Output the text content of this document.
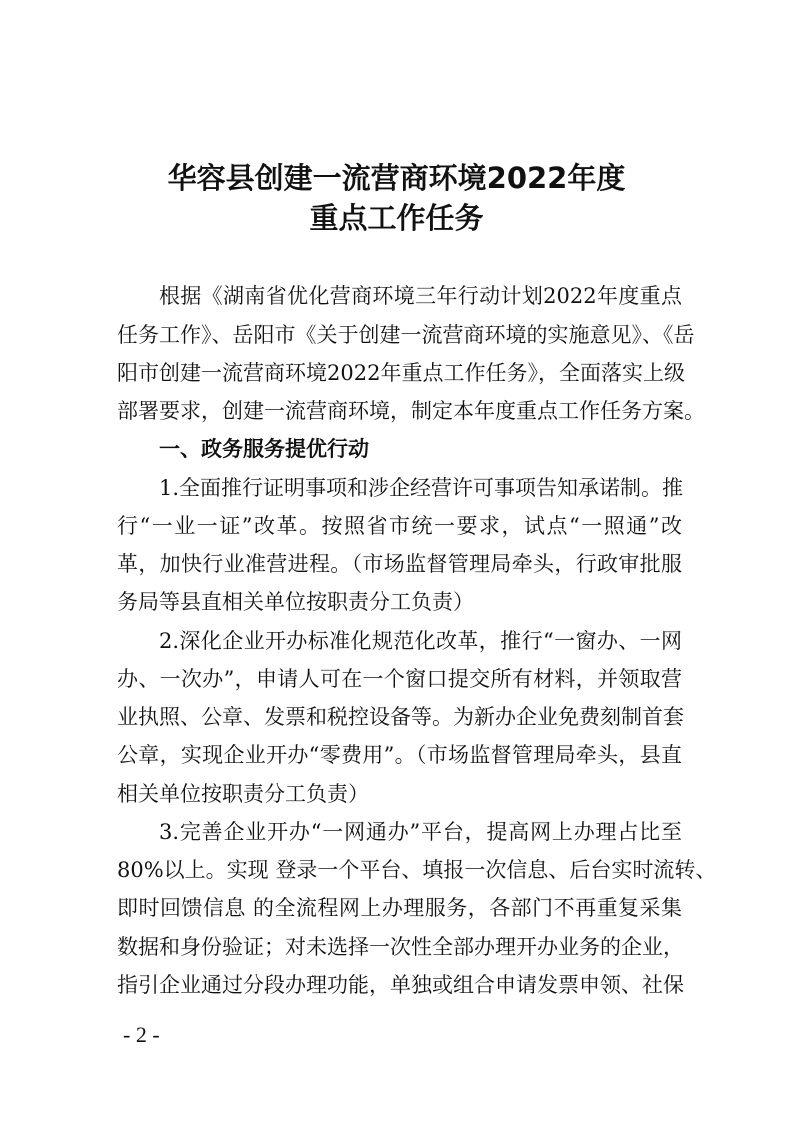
华容县创建一流营商环境2022年度
重点工作任务
根据《湖南省优化营商环境三年行动计划2022年度重点
任务工作》、岳阳市《关于创建一流营商环境的实施意见》、《岳
阳市创建一流营商环境2022年重点工作任务》，全面落实上级
部署要求，创建一流营商环境，制定本年度重点工作任务方案。
一、政务服务提优行动
1.全面推行证明事项和涉企经营许可事项告知承诺制。推
行“一业一证”改革。按照省市统一要求，试点“一照通”改
革，加快行业准营进程。（市场监督管理局牵头，行政审批服
务局等县直相关单位按职责分工负责）
2.深化企业开办标准化规范化改革，推行“一窗办、一网
办、一次办”，申请人可在一个窗口提交所有材料，并领取营
业执照、公章、发票和税控设备等。为新办企业免费刻制首套
公章，实现企业开办“零费用”。（市场监督管理局牵头，县直
相关单位按职责分工负责）
3.完善企业开办“一网通办”平台，提高网上办理占比至
80%以上。实现 登录一个平台、填报一次信息、后台实时流转、
即时回馈信息 的全流程网上办理服务，各部门不再重复采集
数据和身份验证；对未选择一次性全部办理开办业务的企业，
指引企业通过分段办理功能，单独或组合申请发票申领、社保
- 2 -
